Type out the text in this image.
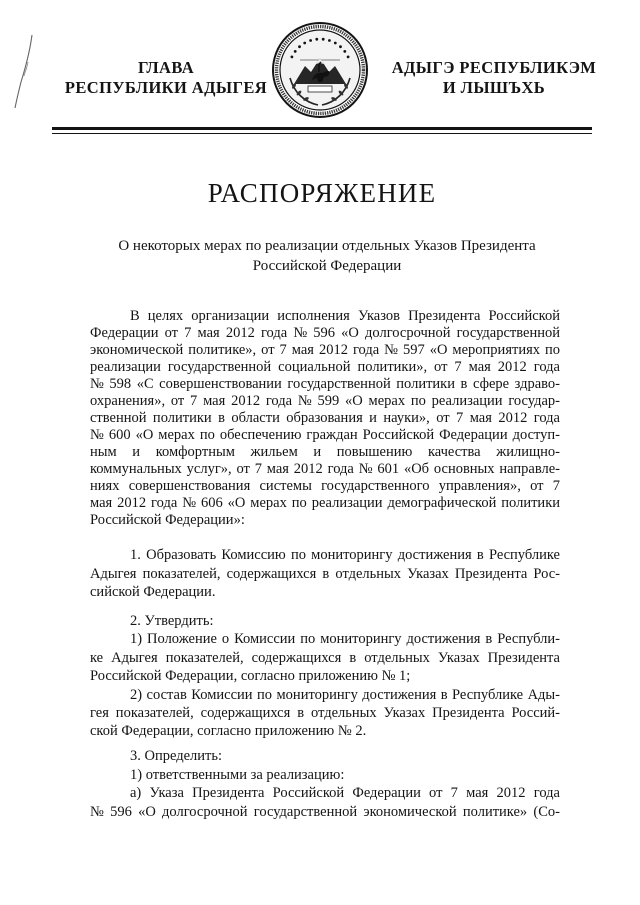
ГЛАВА
РЕСПУБЛИКИ АДЫГЕЯ
АДЫГЭ РЕСПУБЛИКЭМ
И ЛЫШЪХЬ
РАСПОРЯЖЕНИЕ
О некоторых мерах по реализации отдельных Указов Президента
Российской Федерации
В целях организации исполнения Указов Президента Российской
Федерации от 7 мая 2012 года № 596 «О долгосрочной государственной
экономической политике», от 7 мая 2012 года № 597 «О мероприятиях по
реализации государственной социальной политики», от 7 мая 2012 года
№ 598 «С совершенствовании государственной политики в сфере здраво-
охранения», от 7 мая 2012 года № 599 «О мерах по реализации государ-
ственной политики в области образования и науки», от 7 мая 2012 года
№ 600 «О мерах по обеспечению граждан Российской Федерации доступ-
ным и комфортным жильем и повышению качества жилищно-
коммунальных услуг», от 7 мая 2012 года № 601 «Об основных направле-
ниях совершенствования системы государственного управления», от 7
мая 2012 года № 606 «О мерах по реализации демографической политики
Российской Федерации»:
1. Образовать Комиссию по мониторингу достижения в Республике
Адыгея показателей, содержащихся в отдельных Указах Президента Рос-
сийской Федерации.
2. Утвердить:
1) Положение о Комиссии по мониторингу достижения в Республи-
ке Адыгея показателей, содержащихся в отдельных Указах Президента
Российской Федерации, согласно приложению № 1;
2) состав Комиссии по мониторингу достижения в Республике Ады-
гея показателей, содержащихся в отдельных Указах Президента Россий-
ской Федерации, согласно приложению № 2.
3. Определить:
1) ответственными за реализацию:
а) Указа Президента Российской Федерации от 7 мая 2012 года
№ 596 «О долгосрочной государственной экономической политике» (Со-
